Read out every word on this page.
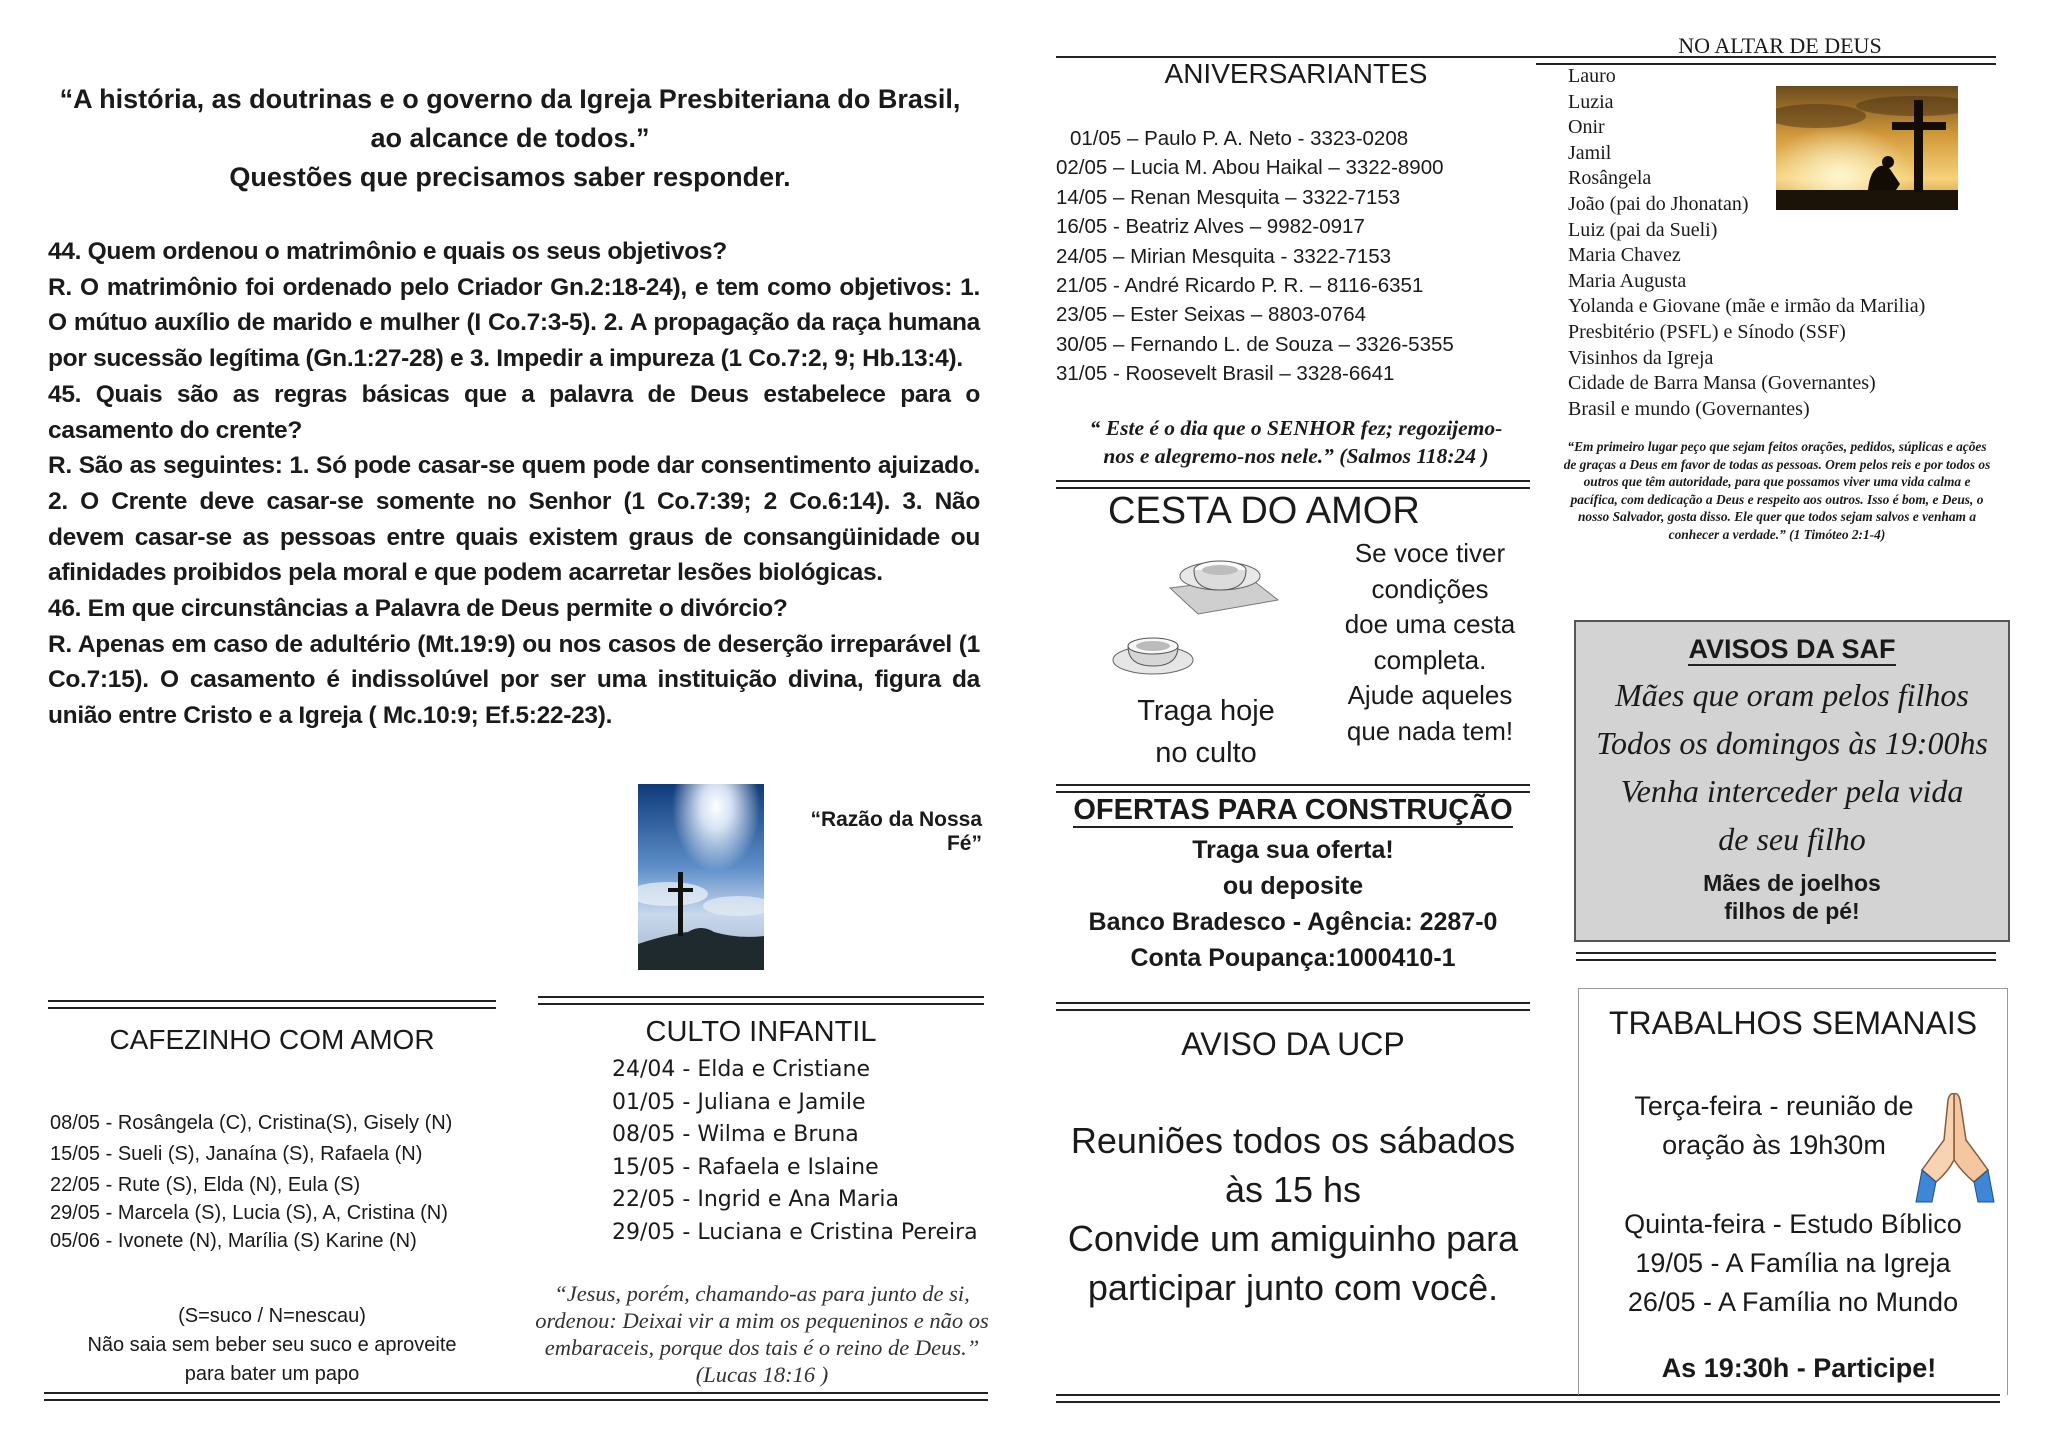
“A história, as doutrinas e o governo da Igreja Presbiteriana do Brasil,

ao alcance de todos.”

Questões que precisamos saber responder.

44. Quem ordenou o matrimônio e quais os seus objetivos?

R. O matrimônio foi ordenado pelo Criador Gn.2:18-24), e tem como objetivos: 1. O mútuo auxílio de marido e mulher (I Co.7:3-5). 2. A propagação da raça humana por sucessão legítima (Gn.1:27-28) e 3. Impedir a impureza (1 Co.7:2, 9; Hb.13:4).

45. Quais são as regras básicas que a palavra de Deus estabelece para o casamento do crente?

R. São as seguintes: 1. Só pode casar-se quem pode dar consentimento ajuizado. 2. O Crente deve casar-se somente no Senhor (1 Co.7:39; 2 Co.6:14). 3. Não devem casar-se as pessoas entre quais existem graus de consangüinidade ou afinidades proibidos pela moral e que podem acarretar lesões biológicas.

46. Em que circunstâncias a Palavra de Deus permite o divórcio?

R. Apenas em caso de adultério (Mt.19:9) ou nos casos de deserção irreparável (1 Co.7:15). O casamento é indissolúvel por ser uma instituição divina, figura da união entre Cristo e a Igreja ( Mc.10:9; Ef.5:22-23).

“Razão da Nossa Fé”
CAFEZINHO COM AMOR

08/05 - Rosângela (C), Cristina(S), Gisely (N)

15/05 - Sueli (S), Janaína (S), Rafaela (N)

22/05 - Rute (S), Elda (N), Eula (S)

29/05 - Marcela (S), Lucia (S), A, Cristina (N)

05/06 - Ivonete (N), Marília (S) Karine (N)

(S=suco / N=nescau)

Não saia sem beber seu suco e aproveite

para bater um papo

CULTO INFANTIL

24/04 - Elda e Cristiane

01/05 - Juliana e Jamile

08/05 - Wilma e Bruna

15/05 - Rafaela e Islaine

22/05 - Ingrid e Ana Maria

29/05 - Luciana e Cristina Pereira

“Jesus, porém, chamando-as para junto de si, ordenou: Deixai vir a mim os pequeninos e não os embaraceis, porque dos tais é o reino de Deus.” (Lucas 18:16 )
ANIVERSARIANTES

01/05 – Paulo P. A. Neto - 3323-0208

02/05 – Lucia M. Abou Haikal – 3322-8900

14/05 – Renan Mesquita – 3322-7153

16/05 - Beatriz Alves – 9982-0917

24/05 – Mirian Mesquita - 3322-7153

21/05 - André Ricardo P. R. – 8116-6351

23/05 – Ester Seixas – 8803-0764

30/05 – Fernando L. de Souza – 3326-5355

31/05 - Roosevelt Brasil – 3328-6641

“ Este é o dia que o SENHOR fez; regozijemo-

nos e alegremo-nos nele.” (Salmos 118:24 )

CESTA DO AMOR

Se voce tiver

condições

doe uma cesta

completa.

Ajude aqueles

que nada tem!

Traga hoje

no culto

OFERTAS PARA CONSTRUÇÃO

Traga sua oferta!

ou deposite

Banco Bradesco - Agência: 2287-0

Conta Poupança:1000410-1

AVISO DA UCP

Reuniões todos os sábados

às 15 hs

Convide um amiguinho para

participar junto com você.

NO ALTAR DE DEUS

Lauro

Luzia

Onir

Jamil

Rosângela

João (pai do Jhonatan)

Luiz (pai da Sueli)

Maria Chavez

Maria Augusta

Yolanda e Giovane (mãe e irmão da Marilia)

Presbitério (PSFL) e Sínodo (SSF)

Visinhos da Igreja

Cidade de Barra Mansa (Governantes)

Brasil e mundo (Governantes)

“Em primeiro lugar peço que sejam feitos orações, pedidos, súplicas e ações de graças a Deus em favor de todas as pessoas. Orem pelos reis e por todos os outros que têm autoridade, para que possamos viver uma vida calma e pacífica, com dedicação a Deus e respeito aos outros. Isso é bom, e Deus, o nosso Salvador, gosta disso. Ele quer que todos sejam salvos e venham a conhecer a verdade.” (1 Timóteo 2:1-4)
AVISOS DA SAF

Mães que oram pelos filhos

Todos os domingos às 19:00hs

Venha interceder pela vida

de seu filho

Mães de joelhos

filhos de pé!

TRABALHOS SEMANAIS

Terça-feira - reunião de

oração às 19h30m

Quinta-feira - Estudo Bíblico

19/05 - A Família na Igreja

26/05 - A Família no Mundo

As 19:30h - Participe!
